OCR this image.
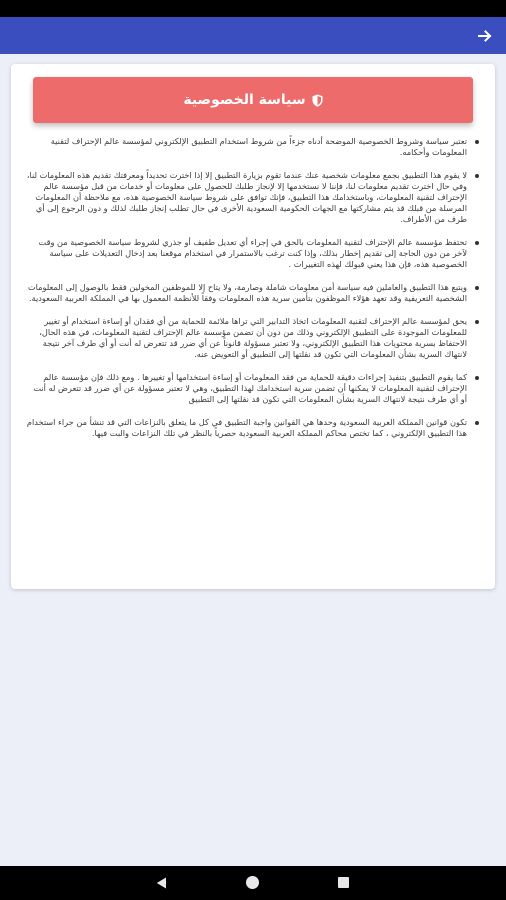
سياسة الخصوصية
تعتبر سياسة وشروط الخصوصية الموضحة أدناه جزءاً من شروط استخدام التطبيق الإلكتروني لمؤسسة عالم الإحتراف لتقنية المعلومات وأحكامه.
لا يقوم هذا التطبيق بجمع معلومات شخصية عنك عندما تقوم بزيارة التطبيق إلا إذا اخترت تحديداً ومعرفتك تقديم هذه المعلومات لنا، وفي حال اخترت تقديم معلومات لنا، فإننا لا نستخدمها إلا لإنجاز طلبك للحصول على معلومات أو خدمات من قبل مؤسسة عالم الإحتراف لتقنية المعلومات، وباستخدامك هذا التطبيق، فإنك توافق على شروط سياسة الخصوصية هذه، مع ملاحظة أن المعلومات المرسلة من قبلك قد يتم مشاركتها مع الجهات الحكومية السعودية الأخرى في حال تطلب إنجاز طلبك لذلك و دون الرجوع إلى أي طرف من الأطراف.
تحتفظ مؤسسة عالم الإحتراف لتقنية المعلومات بالحق في إجراء أي تعديل طفيف أو جذري لشروط سياسة الخصوصية من وقت لآخر من دون الحاجة إلى تقديم إخطار بذلك، وإذا كنت ترغب بالاستمرار في استخدام موقعنا بعد إدخال التعديلات على سياسة الخصوصية هذه، فإن هذا يعني قبولك لهذه التغييرات .
ويتبع هذا التطبيق والعاملين فيه سياسة أمن معلومات شاملة وصارمة، ولا يتاح إلا للموظفين المخولين فقط بالوصول إلى المعلومات الشخصية التعريفية وقد تعهد هؤلاء الموظفون بتأمين سرية هذه المعلومات وفقاً للأنظمة المعمول بها في المملكة العربية السعودية.
يحق لمؤسسة عالم الإحتراف لتقنية المعلومات اتخاذ التدابير التي تراها ملائمة للحماية من أي فقدان أو إساءة استخدام أو تغيير للمعلومات الموجودة على التطبيق الإلكتروني وذلك من دون أن تضمن مؤسسة عالم الإحتراف لتقنية المعلومات، في هذه الحال، الاحتفاظ بسرية محتويات هذا التطبيق الإلكتروني، ولا تعتبر مسؤولة قانوناً عن أي ضرر قد تتعرض له أنت أو أي طرف آخر نتيجة لانتهاك السرية بشأن المعلومات التي تكون قد نقلتها إلى التطبيق أو التعويض عنه.
كما يقوم التطبيق بتنفيذ إجراءات دقيقة للحماية من فقد المعلومات أو إساءة استخدامها أو تغييرها . ومع ذلك فإن مؤسسة عالم الإحتراف لتقنية المعلومات لا يمكنها أن تضمن سرية استخدامك لهذا التطبيق، وهي لا تعتبر مسؤولة عن أي ضرر قد تتعرض له أنت أو أي طرف نتيجة لانتهاك السرية بشأن المعلومات التي تكون قد نقلتها إلى التطبيق
تكون قوانين المملكة العربية السعودية وحدها هي القوانين واجبة التطبيق في كل ما يتعلق بالنزاعات التي قد تنشأ من جراء استخدام هذا التطبيق الإلكتروني ، كما تختص محاكم المملكة العربية السعودية حصرياً بالنظر في تلك النزاعات والبت فيها.
